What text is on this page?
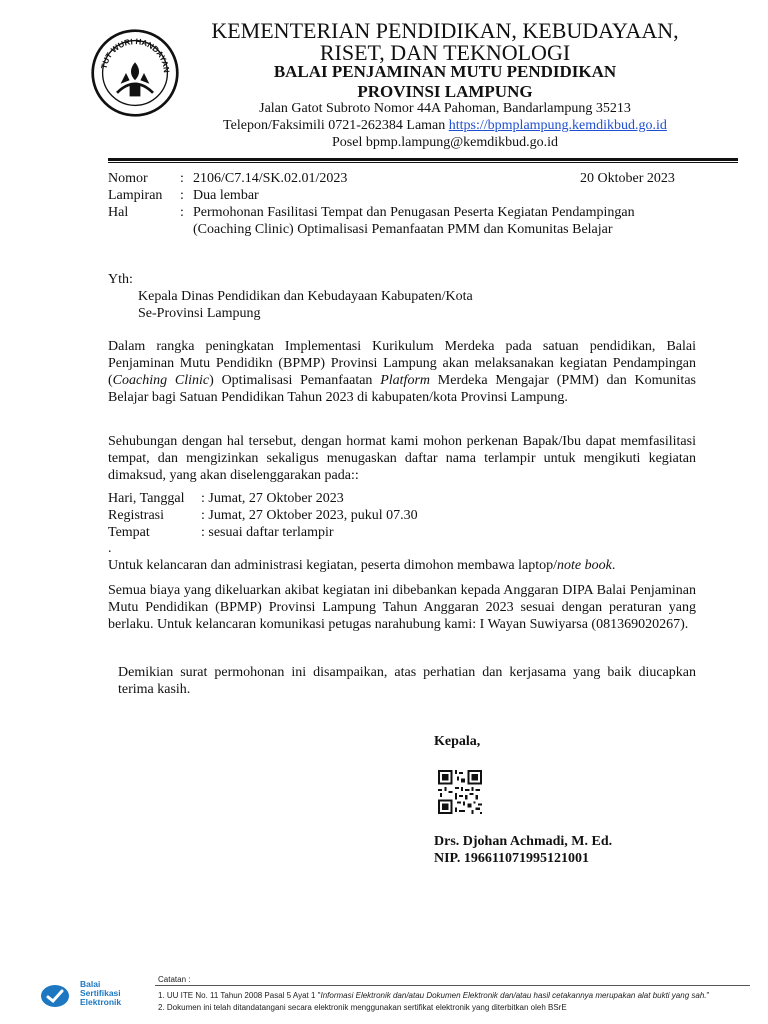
TUT WURI HANDAYAN
KEMENTERIAN PENDIDIKAN, KEBUDAYAAN,
RISET, DAN TEKNOLOGI
BALAI PENJAMINAN MUTU PENDIDIKAN
PROVINSI LAMPUNG
Jalan Gatot Subroto Nomor 44A Pahoman, Bandarlampung 35213
Telepon/Faksimili 0721-262384 Laman https://bpmplampung.kemdikbud.go.id
Posel bpmp.lampung@kemdikbud.go.id
Nomor : 2106/C7.14/SK.02.01/2023	20 Oktober 2023
Lampiran : Dua lembar
Hal	: Permohonan Fasilitasi Tempat dan Penugasan Peserta Kegiatan Pendampingan
(Coaching Clinic) Optimalisasi Pemanfaatan PMM dan Komunitas Belajar
Yth:
Kepala Dinas Pendidikan dan Kebudayaan Kabupaten/Kota
Se-Provinsi Lampung
Dalam rangka peningkatan Implementasi Kurikulum Merdeka pada satuan pendidikan, Balai Penjaminan Mutu Pendidikn (BPMP) Provinsi Lampung akan melaksanakan kegiatan Pendampingan (Coaching Clinic) Optimalisasi Pemanfaatan Platform Merdeka Mengajar (PMM) dan Komunitas Belajar bagi Satuan Pendidikan Tahun 2023 di kabupaten/kota Provinsi Lampung.
Sehubungan dengan hal tersebut, dengan hormat kami mohon perkenan Bapak/Ibu dapat memfasilitasi tempat, dan mengizinkan sekaligus menugaskan daftar nama terlampir untuk mengikuti kegiatan dimaksud, yang akan diselenggarakan pada::
Hari, Tanggal : Jumat, 27 Oktober 2023
Registrasi	: Jumat, 27 Oktober 2023, pukul 07.30
Tempat	: sesuai daftar terlampir
.
Untuk kelancaran dan administrasi kegiatan, peserta dimohon membawa laptop/note book.
Semua biaya yang dikeluarkan akibat kegiatan ini dibebankan kepada Anggaran DIPA Balai Penjaminan Mutu Pendidikan (BPMP) Provinsi Lampung Tahun Anggaran 2023 sesuai dengan peraturan yang berlaku. Untuk kelancaran komunikasi petugas narahubung kami: I Wayan Suwiyarsa (081369020267).
Demikian surat permohonan ini disampaikan, atas perhatian dan kerjasama yang baik diucapkan terima kasih.
Kepala,
Drs. Djohan Achmadi, M. Ed.
NIP. 196611071995121001
Balai
Sertifikasi
Elektronik
Catatan :
1. UU ITE No. 11 Tahun 2008 Pasal 5 Ayat 1 "Informasi Elektronik dan/atau Dokumen Elektronik dan/atau hasil cetakannya merupakan alat bukti yang sah."
2. Dokumen ini telah ditandatangani secara elektronik menggunakan sertifikat elektronik yang diterbitkan oleh BSrE
